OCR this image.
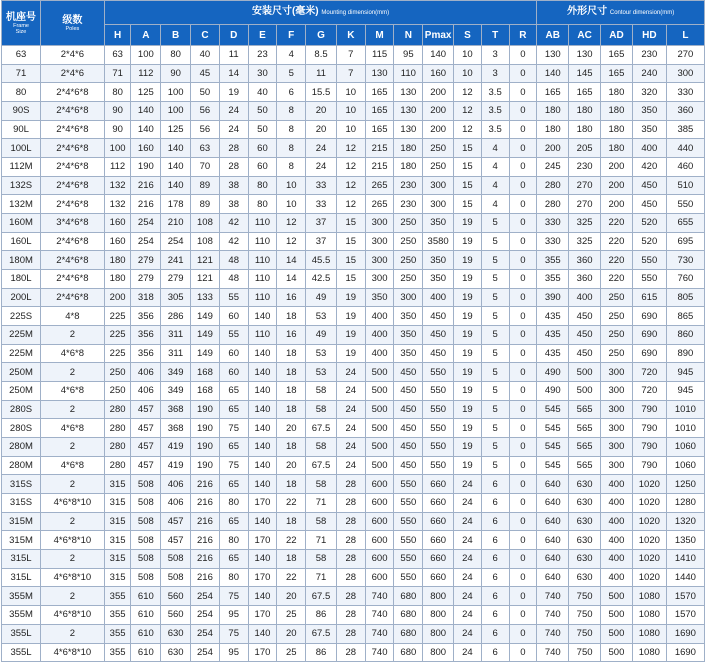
机座号
Frame
Size	级数
Poles	安装尺寸(毫米) Mounting dimension(mm)															外形尺寸 Contour dimension(mm)				
		H	A	B	C	D	E	F	G	K	M	N	Pmax	S	T	R	AB	AC	AD	HD	L
63	2*4*6	63	100	80	40	11	23	4	8.5	7	115	95	140	10	3	0	130	130	165	230	270
71	2*4*6	71	112	90	45	14	30	5	11	7	130	110	160	10	3	0	140	145	165	240	300
80	2*4*6*8	80	125	100	50	19	40	6	15.5	10	165	130	200	12	3.5	0	165	165	180	320	330
90S	2*4*6*8	90	140	100	56	24	50	8	20	10	165	130	200	12	3.5	0	180	180	180	350	360
90L	2*4*6*8	90	140	125	56	24	50	8	20	10	165	130	200	12	3.5	0	180	180	180	350	385
100L	2*4*6*8	100	160	140	63	28	60	8	24	12	215	180	250	15	4	0	200	205	180	400	440
112M	2*4*6*8	112	190	140	70	28	60	8	24	12	215	180	250	15	4	0	245	230	200	420	460
132S	2*4*6*8	132	216	140	89	38	80	10	33	12	265	230	300	15	4	0	280	270	200	450	510
132M	2*4*6*8	132	216	178	89	38	80	10	33	12	265	230	300	15	4	0	280	270	200	450	550
160M	3*4*6*8	160	254	210	108	42	110	12	37	15	300	250	350	19	5	0	330	325	220	520	655
160L	2*4*6*8	160	254	254	108	42	110	12	37	15	300	250	3580	19	5	0	330	325	220	520	695
180M	2*4*6*8	180	279	241	121	48	110	14	45.5	15	300	250	350	19	5	0	355	360	220	550	730
180L	2*4*6*8	180	279	279	121	48	110	14	42.5	15	300	250	350	19	5	0	355	360	220	550	760
200L	2*4*6*8	200	318	305	133	55	110	16	49	19	350	300	400	19	5	0	390	400	250	615	805
225S	4*8	225	356	286	149	60	140	18	53	19	400	350	450	19	5	0	435	450	250	690	865
225M	2	225	356	311	149	55	110	16	49	19	400	350	450	19	5	0	435	450	250	690	860
225M	4*6*8	225	356	311	149	60	140	18	53	19	400	350	450	19	5	0	435	450	250	690	890
250M	2	250	406	349	168	60	140	18	53	24	500	450	550	19	5	0	490	500	300	720	945
250M	4*6*8	250	406	349	168	65	140	18	58	24	500	450	550	19	5	0	490	500	300	720	945
280S	2	280	457	368	190	65	140	18	58	24	500	450	550	19	5	0	545	565	300	790	1010
280S	4*6*8	280	457	368	190	75	140	20	67.5	24	500	450	550	19	5	0	545	565	300	790	1010
280M	2	280	457	419	190	65	140	18	58	24	500	450	550	19	5	0	545	565	300	790	1060
280M	4*6*8	280	457	419	190	75	140	20	67.5	24	500	450	550	19	5	0	545	565	300	790	1060
315S	2	315	508	406	216	65	140	18	58	28	600	550	660	24	6	0	640	630	400	1020	1250
315S	4*6*8*10	315	508	406	216	80	170	22	71	28	600	550	660	24	6	0	640	630	400	1020	1280
315M	2	315	508	457	216	65	140	18	58	28	600	550	660	24	6	0	640	630	400	1020	1320
315M	4*6*8*10	315	508	457	216	80	170	22	71	28	600	550	660	24	6	0	640	630	400	1020	1350
315L	2	315	508	508	216	65	140	18	58	28	600	550	660	24	6	0	640	630	400	1020	1410
315L	4*6*8*10	315	508	508	216	80	170	22	71	28	600	550	660	24	6	0	640	630	400	1020	1440
355M	2	355	610	560	254	75	140	20	67.5	28	740	680	800	24	6	0	740	750	500	1080	1570
355M	4*6*8*10	355	610	560	254	95	170	25	86	28	740	680	800	24	6	0	740	750	500	1080	1570
355L	2	355	610	630	254	75	140	20	67.5	28	740	680	800	24	6	0	740	750	500	1080	1690
355L	4*6*8*10	355	610	630	254	95	170	25	86	28	740	680	800	24	6	0	740	750	500	1080	1690
